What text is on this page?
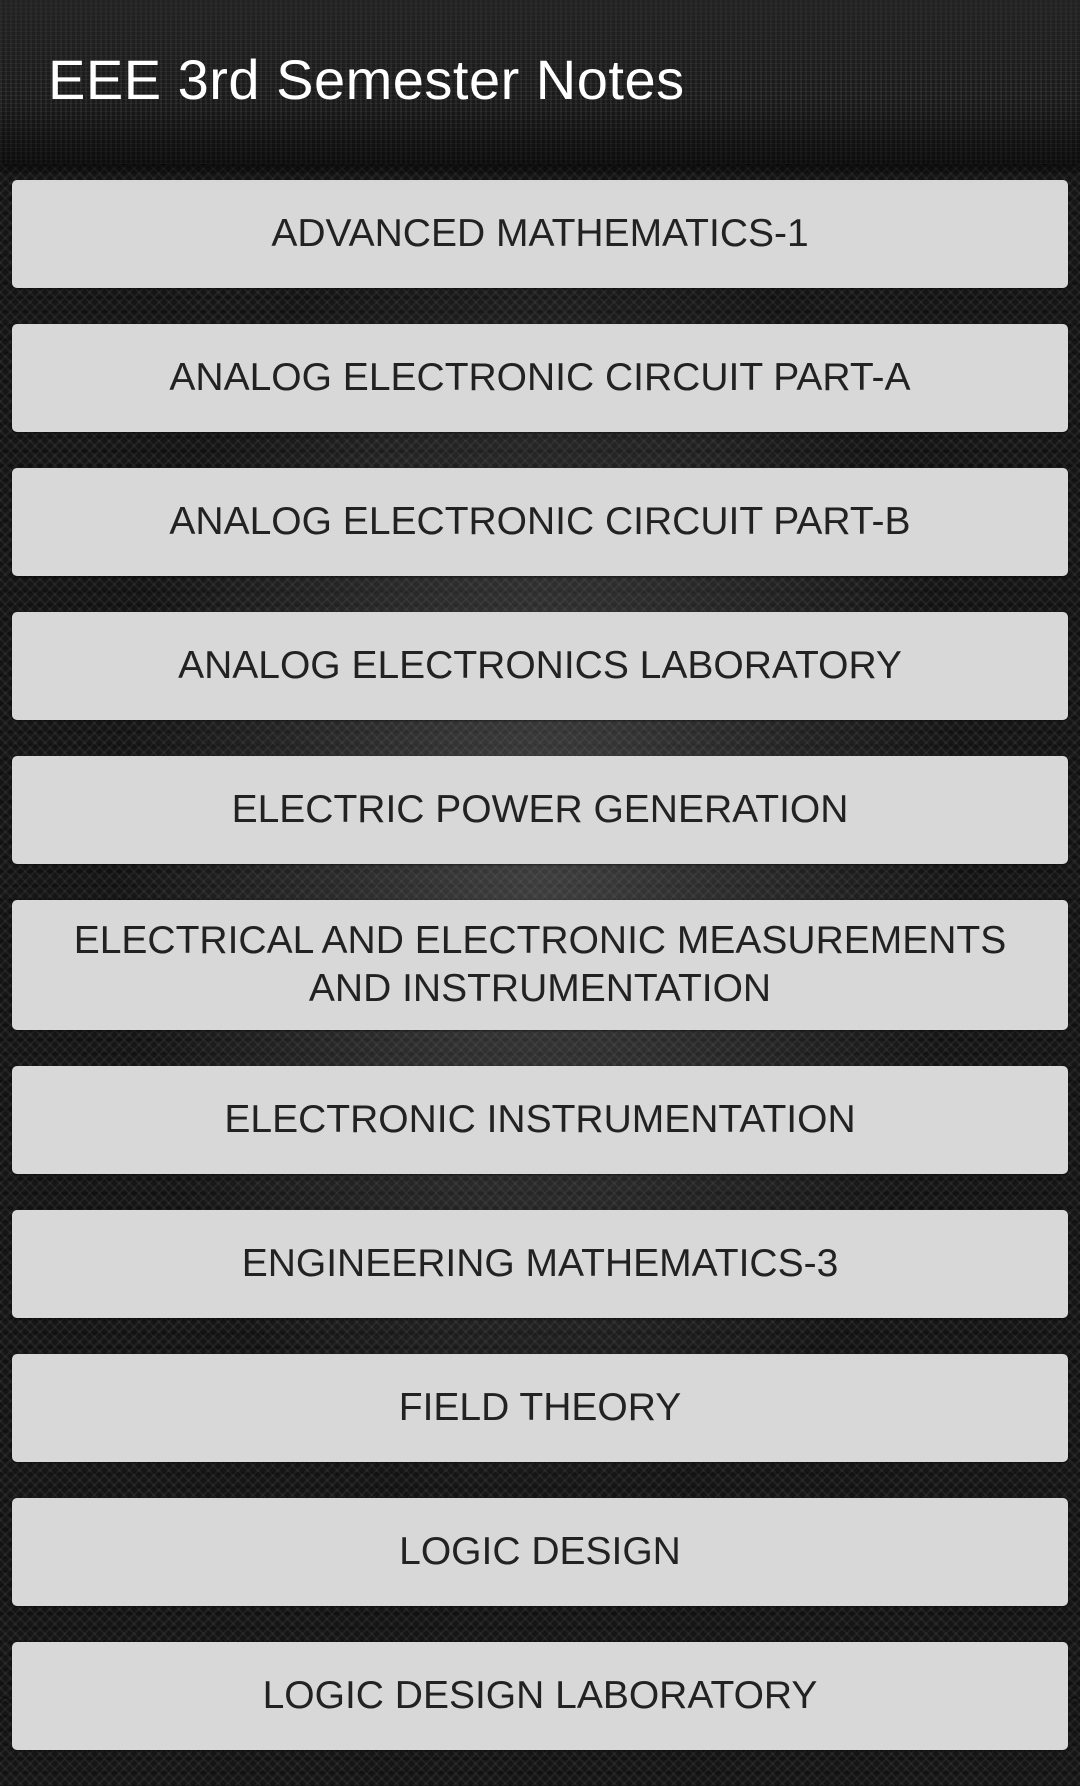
EEE 3rd Semester Notes
ADVANCED MATHEMATICS-1
ANALOG ELECTRONIC CIRCUIT PART-A
ANALOG ELECTRONIC CIRCUIT PART-B
ANALOG ELECTRONICS LABORATORY
ELECTRIC POWER GENERATION
ELECTRICAL AND ELECTRONIC MEASUREMENTS AND INSTRUMENTATION
ELECTRONIC INSTRUMENTATION
ENGINEERING MATHEMATICS-3
FIELD THEORY
LOGIC DESIGN
LOGIC DESIGN LABORATORY
